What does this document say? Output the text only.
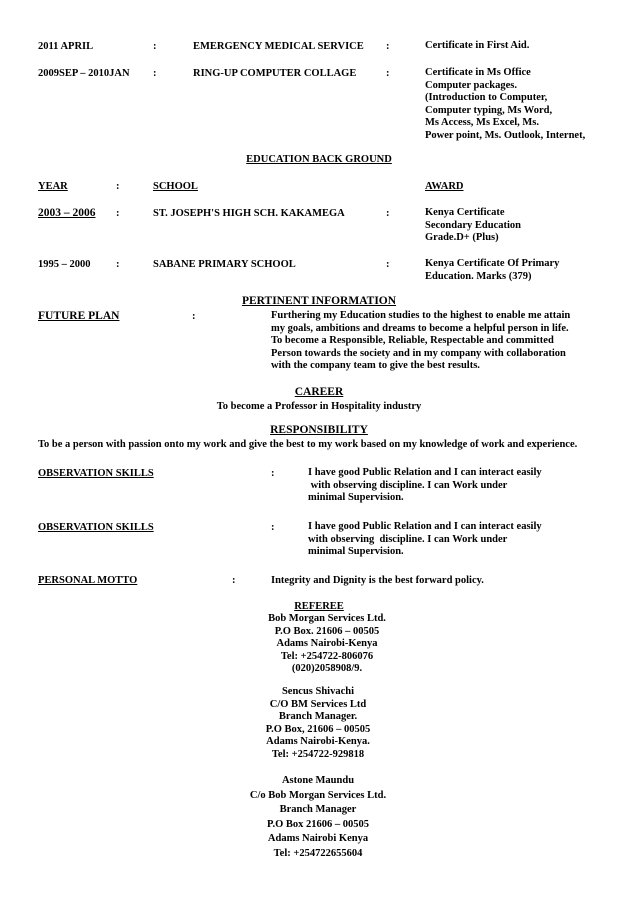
2011 APRIL	:	EMERGENCY MEDICAL SERVICE :	Certificate in First Aid.
2009SEP – 2010JAN :	RING-UP COMPUTER COLLAGE	:	Certificate in Ms Office
Computer packages.
(Introduction to Computer,
Computer typing, Ms Word,
Ms Access, Ms Excel, Ms.
Power point, Ms. Outlook, Internet,
EDUCATION BACK GROUND
YEAR	:	SCHOOL	AWARD
2003 – 2006 :	ST. JOSEPH'S HIGH SCH. KAKAMEGA	:	Kenya Certificate
Secondary Education
Grade.D+ (Plus)
1995 – 2000 :	SABANE PRIMARY SCHOOL	:	Kenya Certificate Of Primary
Education. Marks (379)
PERTINENT INFORMATION
FUTURE PLAN	:	Furthering my Education studies to the highest to enable me attain
my goals, ambitions and dreams to become a helpful person in life.
To become a Responsible, Reliable, Respectable and committed
Person towards the society and in my company with collaboration
with the company team to give the best results.
CAREER
To become a Professor in Hospitality industry
RESPONSIBILITY
To be a person with passion onto my work and give the best to my work based on my knowledge of work and experience.
OBSERVATION SKILLS	:	I have good Public Relation and I can interact easily
with observing discipline. I can Work under
minimal Supervision.
OBSERVATION SKILLS	:	I have good Public Relation and I can interact easily
with observing  discipline. I can Work under
minimal Supervision.
PERSONAL MOTTO	:	Integrity and Dignity is the best forward policy.
REFEREE
Bob Morgan Services Ltd.
P.O Box. 21606 – 00505
Adams Nairobi-Kenya
Tel: +254722-806076
(020)2058908/9.
Sencus Shivachi
C/O BM Services Ltd
Branch Manager.
P.O Box, 21606 – 00505
Adams Nairobi-Kenya.
Tel: +254722-929818
Astone Maundu
C/o Bob Morgan Services Ltd.
Branch Manager
P.O Box 21606 – 00505
Adams Nairobi Kenya
Tel: +254722655604
